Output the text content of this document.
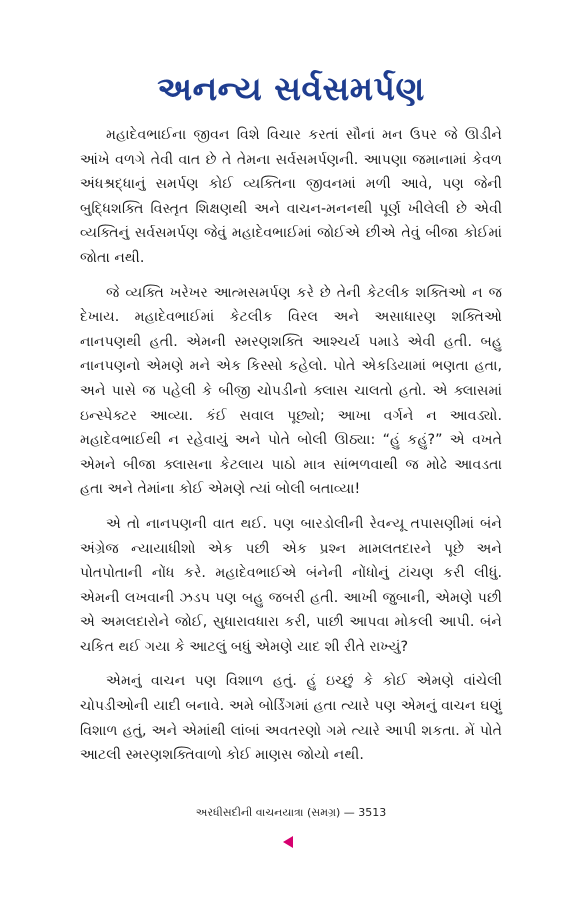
અનન્ય સર્વસમર્પણ

મહાદેવભાઈના જીવન વિશે વિચાર કરતાં સૌનાં મન ઉપર જે ઊડીને આંખે વળગે તેવી વાત છે તે તેમના સર્વસમર્પણની. આપણા જમાનામાં કેવળ અંધશ્રદ્ધાનું સમર્પણ કોઈ વ્યક્તિના જીવનમાં મળી આવે, પણ જેની બુદ્ધિશક્તિ વિસ્તૃત શિક્ષણથી અને વાચન-મનનથી પૂર્ણ ખીલેલી છે એવી વ્યક્તિનું સર્વસમર્પણ જેવું મહાદેવભાઈમાં જોઈએ છીએ તેવું બીજા કોઈમાં જોતા નથી.

જે વ્યક્તિ ખરેખર આત્મસમર્પણ કરે છે તેની કેટલીક શક્તિઓ ન જ દેખાય. મહાદેવભાઈમાં કેટલીક વિરલ અને અસાધારણ શક્તિઓ નાનપણથી હતી. એમની સ્મરણશક્તિ આશ્ચર્ય પમાડે એવી હતી. બહુ નાનપણનો એમણે મને એક કિસ્સો કહેલો. પોતે એકડિયામાં ભણતા હતા, અને પાસે જ પહેલી કે બીજી ચોપડીનો ક્લાસ ચાલતો હતો. એ ક્લાસમાં ઇન્સ્પેક્ટર આવ્યા. કંઈ સવાલ પૂછ્યો; આખા વર્ગને ન આવડ્યો. મહાદેવભાઈથી ન રહેવાયું અને પોતે બોલી ઊઠ્યા: “હું કહું?” એ વખતે એમને બીજા ક્લાસના કેટલાય પાઠો માત્ર સાંભળવાથી જ મોઢે આવડતા હતા અને તેમાંના કોઈ એમણે ત્યાં બોલી બતાવ્યા!

એ તો નાનપણની વાત થઈ. પણ બારડોલીની રેવન્યૂ તપાસણીમાં બંને અંગ્રેજ ન્યાયાધીશો એક પછી એક પ્રશ્ન મામલતદારને પૂછે અને પોતપોતાની નોંધ કરે. મહાદેવભાઈએ બંનેની નોંધોનું ટાંચણ કરી લીધું. એમની લખવાની ઝડપ પણ બહુ જબરી હતી. આખી જુબાની, એમણે પછી એ અમલદારોને જોઈ, સુધારાવધારા કરી, પાછી આપવા મોકલી આપી. બંને ચકિત થઈ ગયા કે આટલું બધું એમણે યાદ શી રીતે રાખ્યું?

એમનું વાચન પણ વિશાળ હતું. હું ઇચ્છું કે કોઈ એમણે વાંચેલી ચોપડીઓની યાદી બનાવે. અમે બોર્ડિંગમાં હતા ત્યારે પણ એમનું વાચન ઘણું વિશાળ હતું, અને એમાંથી લાંબાં અવતરણો ગમે ત્યારે આપી શકતા. મેં પોતે આટલી સ્મરણશક્તિવાળો કોઈ માણસ જોયો નથી.

અરધીસદીની વાચનયાત્રા (સમગ્ર) — 3513
